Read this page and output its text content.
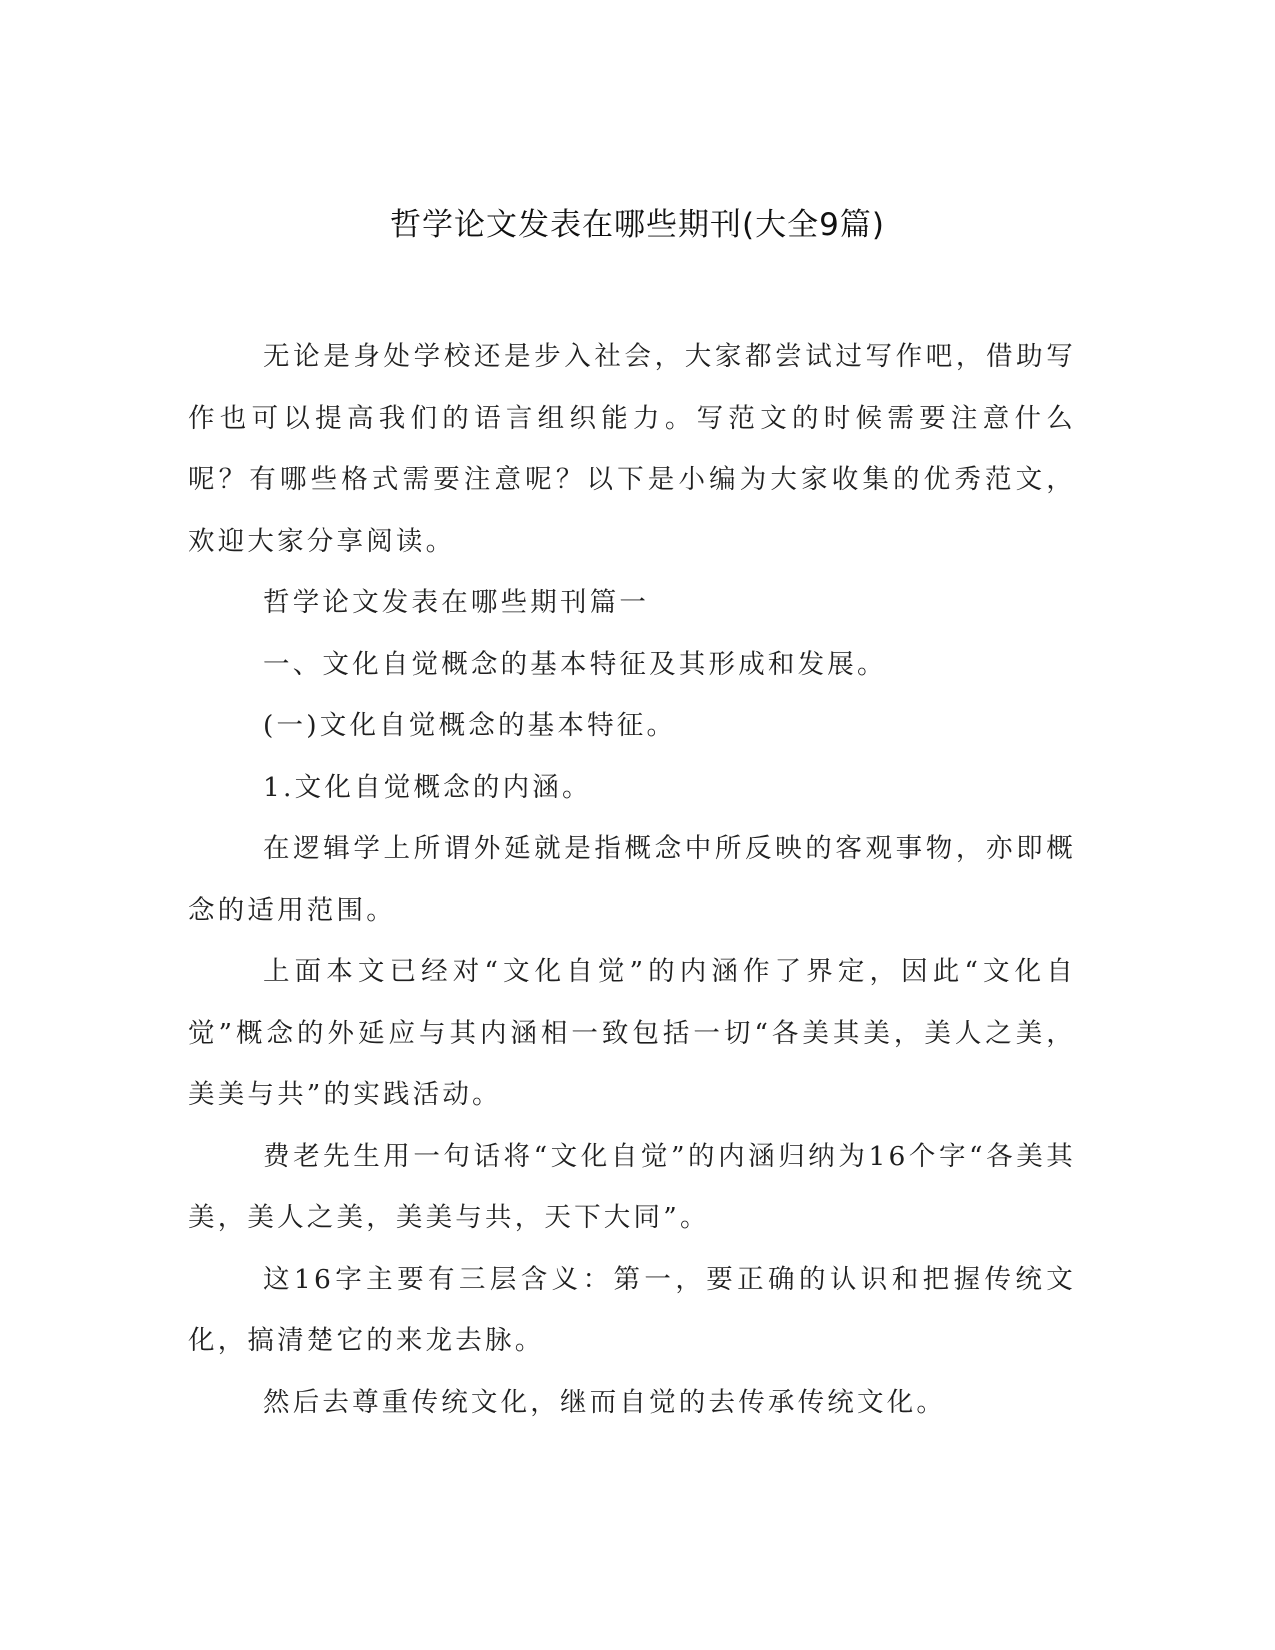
哲学论文发表在哪些期刊(大全9篇)

无论是身处学校还是步入社会，大家都尝试过写作吧，借助写作也可以提高我们的语言组织能力。写范文的时候需要注意什么呢？有哪些格式需要注意呢？以下是小编为大家收集的优秀范文，欢迎大家分享阅读。

哲学论文发表在哪些期刊篇一

一、文化自觉概念的基本特征及其形成和发展。

(一)文化自觉概念的基本特征。

1.文化自觉概念的内涵。

在逻辑学上所谓外延就是指概念中所反映的客观事物，亦即概念的适用范围。

上面本文已经对“文化自觉”的内涵作了界定，因此“文化自觉”概念的外延应与其内涵相一致包括一切“各美其美，美人之美，美美与共”的实践活动。

费老先生用一句话将“文化自觉”的内涵归纳为16个字“各美其美，美人之美，美美与共，天下大同”。

这16字主要有三层含义：第一，要正确的认识和把握传统文化，搞清楚它的来龙去脉。

然后去尊重传统文化，继而自觉的去传承传统文化。
